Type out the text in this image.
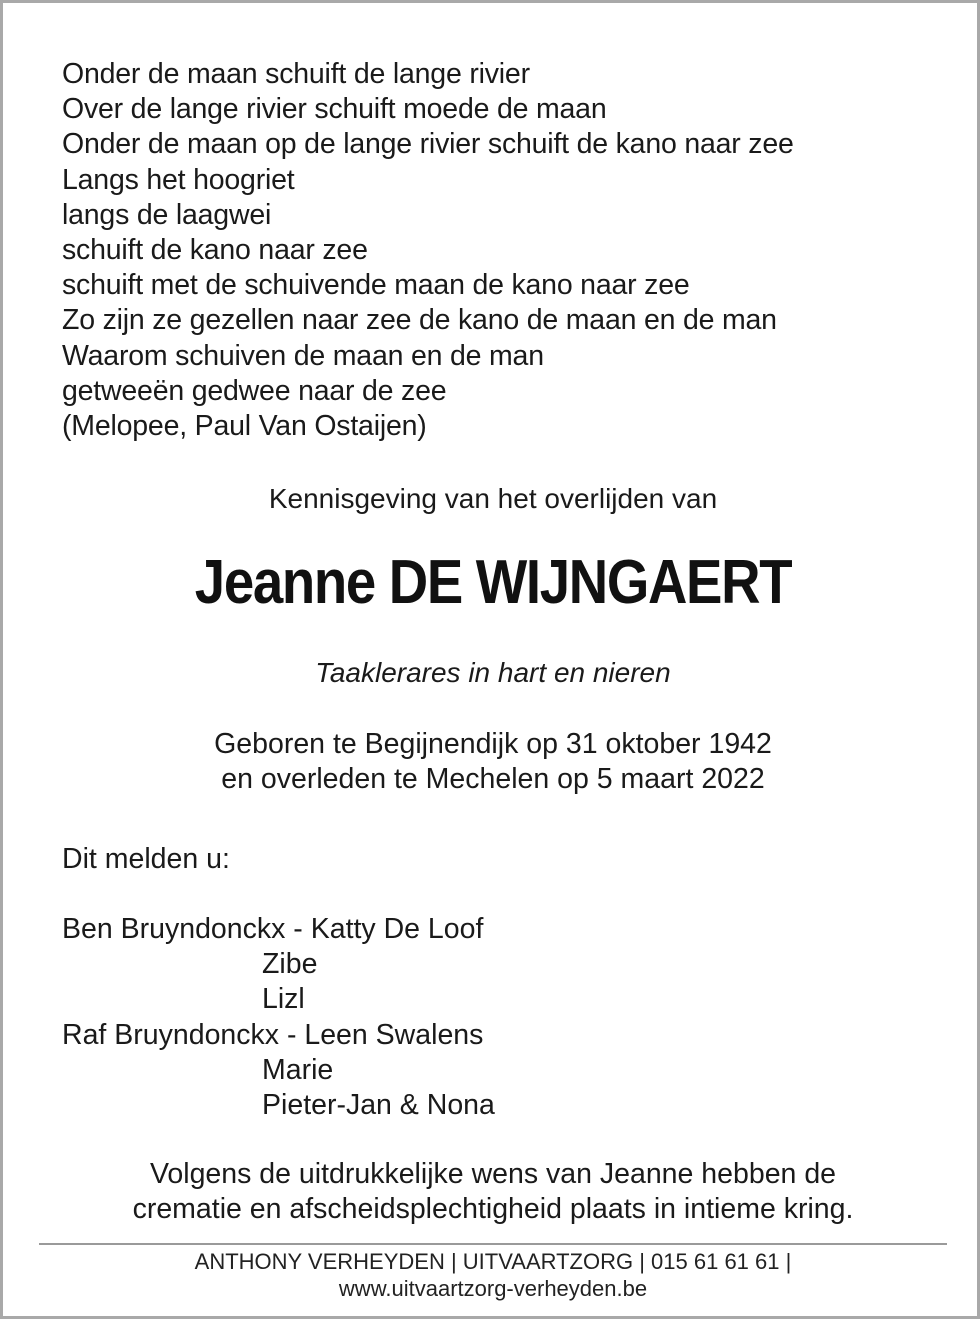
Onder de maan schuift de lange rivier
Over de lange rivier schuift moede de maan
Onder de maan op de lange rivier schuift de kano naar zee
Langs het hoogriet
langs de laagwei
schuift de kano naar zee
schuift met de schuivende maan de kano naar zee
Zo zijn ze gezellen naar zee de kano de maan en de man
Waarom schuiven de maan en de man
getweeën gedwee naar de zee
(Melopee, Paul Van Ostaijen)
Kennisgeving van het overlijden van
Jeanne DE WIJNGAERT
Taaklerares in hart en nieren
Geboren te Begijnendijk op 31 oktober 1942
en overleden te Mechelen op 5 maart 2022
Dit melden u:
Ben Bruyndonckx - Katty De Loof
Zibe
Lizl
Raf Bruyndonckx - Leen Swalens
Marie
Pieter-Jan & Nona
Volgens de uitdrukkelijke wens van Jeanne hebben de
crematie en afscheidsplechtigheid plaats in intieme kring.
ANTHONY VERHEYDEN | UITVAARTZORG | 015 61 61 61 |
www.uitvaartzorg-verheyden.be
